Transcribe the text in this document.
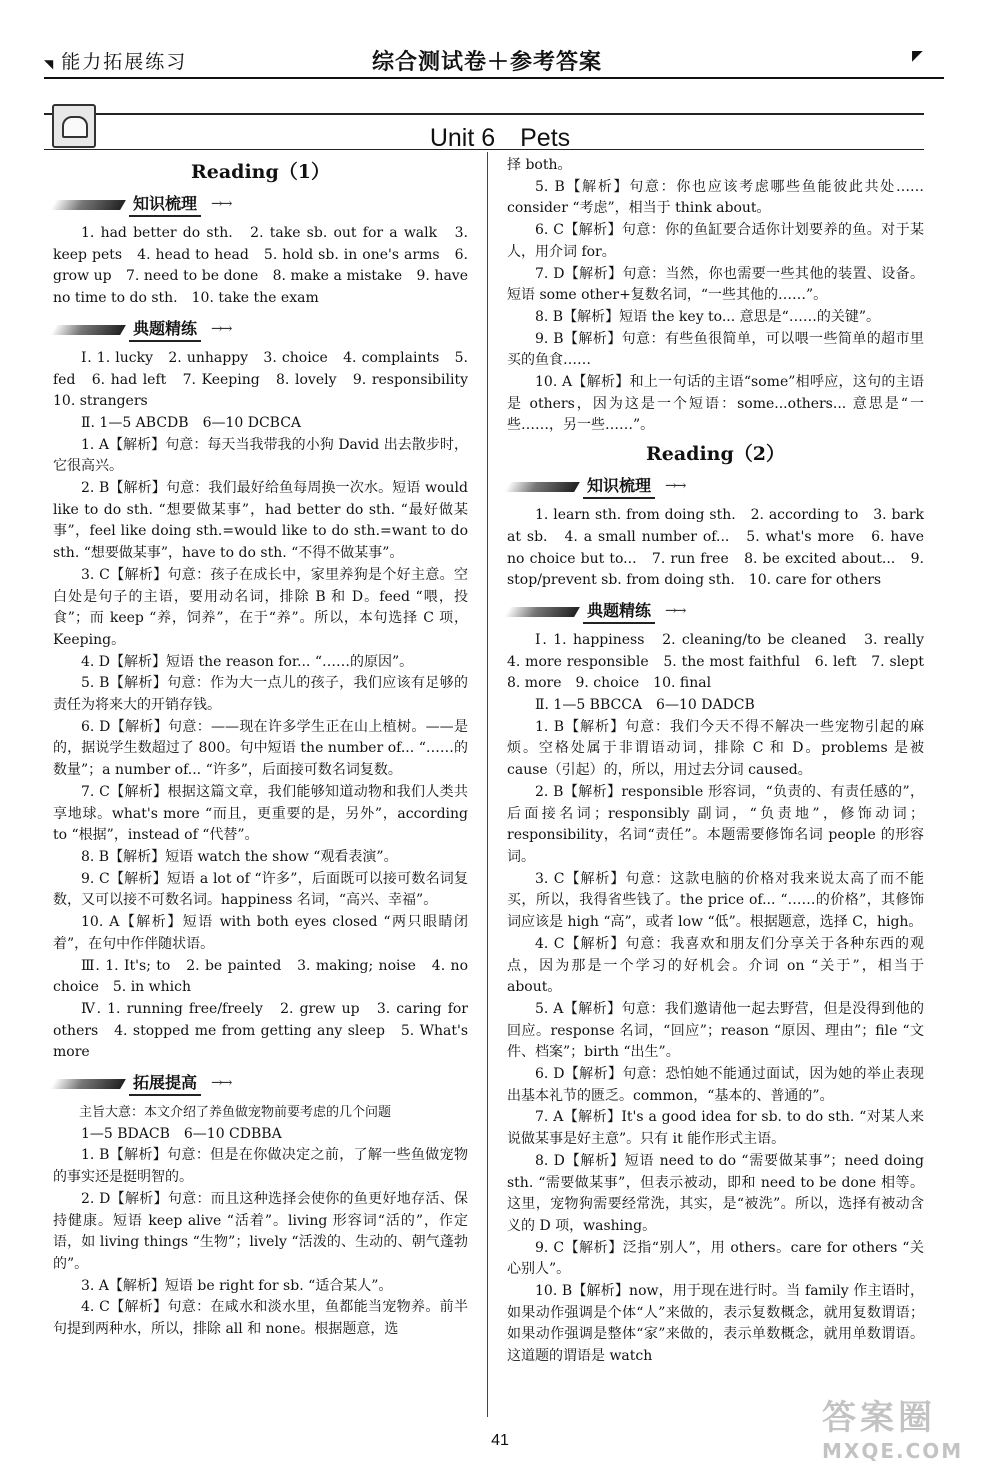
◥ 能力拓展练习	综合测试卷＋参考答案	◤
Unit 6　Pets
Reading（1）
知识梳理 →→

1. had better do sth.　2. take sb. out for a walk　3. keep pets　4. head to head　5. hold sb. in one's arms　6. grow up　7. need to be done　8. make a mistake　9. have no time to do sth.　10. take the exam

典题精练 →→

Ⅰ. 1. lucky　2. unhappy　3. choice　4. complaints　5. fed　6. had left　7. Keeping　8. lovely　9. responsibility　10. strangers

Ⅱ. 1—5 ABCDB　6—10 DCBCA

1. A【解析】句意：每天当我带我的小狗 David 出去散步时，它很高兴。

2. B【解析】句意：我们最好给鱼每周换一次水。短语 would like to do sth. “想要做某事”，had better do sth. “最好做某事”，feel like doing sth.=would like to do sth.=want to do sth. “想要做某事”，have to do sth. “不得不做某事”。

3. C【解析】句意：孩子在成长中，家里养狗是个好主意。空白处是句子的主语，要用动名词，排除 B 和 D。feed “喂，投食”；而 keep “养，饲养”，在于“养”。所以，本句选择 C 项，Keeping。

4. D【解析】短语 the reason for... “……的原因”。

5. B【解析】句意：作为大一点儿的孩子，我们应该有足够的责任为将来大的开销存钱。

6. D【解析】句意：——现在许多学生正在山上植树。——是的，据说学生数超过了 800。句中短语 the number of... “……的数量”；a number of... “许多”，后面接可数名词复数。

7. C【解析】根据这篇文章，我们能够知道动物和我们人类共享地球。what's more “而且，更重要的是，另外”，according to “根据”，instead of “代替”。

8. B【解析】短语 watch the show “观看表演”。

9. C【解析】短语 a lot of “许多”，后面既可以接可数名词复数，又可以接不可数名词。happiness 名词，“高兴、幸福”。

10. A【解析】短语 with both eyes closed “两只眼睛闭着”，在句中作伴随状语。

Ⅲ. 1. It's; to　2. be painted　3. making; noise　4. no choice　5. in which

Ⅳ. 1. running free/freely　2. grew up　3. caring for others　4. stopped me from getting any sleep　5. What's more

拓展提高 →→

主旨大意：本文介绍了养鱼做宠物前要考虑的几个问题

1—5 BDACB　6—10 CDBBA

1. B【解析】句意：但是在你做决定之前，了解一些鱼做宠物的事实还是挺明智的。

2. D【解析】句意：而且这种选择会使你的鱼更好地存活、保持健康。短语 keep alive “活着”。living 形容词“活的”，作定语，如 living things “生物”；lively “活泼的、生动的、朝气蓬勃的”。

3. A【解析】短语 be right for sb. “适合某人”。

4. C【解析】句意：在咸水和淡水里，鱼都能当宠物养。前半句提到两种水，所以，排除 all 和 none。根据题意，选

择 both。

5. B【解析】句意：你也应该考虑哪些鱼能彼此共处…… consider “考虑”，相当于 think about。

6. C【解析】句意：你的鱼缸要合适你计划要养的鱼。对于某人，用介词 for。

7. D【解析】句意：当然，你也需要一些其他的装置、设备。短语 some other+复数名词，“一些其他的……”。

8. B【解析】短语 the key to... 意思是“……的关键”。

9. B【解析】句意：有些鱼很简单，可以喂一些简单的超市里买的鱼食……

10. A【解析】和上一句话的主语“some”相呼应，这句的主语是 others，因为这是一个短语：some...others... 意思是“一些……，另一些……”。

Reading（2）
知识梳理 →→

1. learn sth. from doing sth.　2. according to　3. bark at sb.　4. a small number of...　5. what's more　6. have no choice but to...　7. run free　8. be excited about...　9. stop/prevent sb. from doing sth.　10. care for others

典题精练 →→

Ⅰ. 1. happiness　2. cleaning/to be cleaned　3. really　4. more responsible　5. the most faithful　6. left　7. slept　8. more　9. choice　10. final

Ⅱ. 1—5 BBCCA　6—10 DADCB

1. B【解析】句意：我们今天不得不解决一些宠物引起的麻烦。空格处属于非谓语动词，排除 C 和 D。problems 是被 cause（引起）的，所以，用过去分词 caused。

2. B【解析】responsible 形容词，“负责的、有责任感的”，后面接名词；responsibly 副词，“负责地”，修饰动词；responsibility，名词“责任”。本题需要修饰名词 people 的形容词。

3. C【解析】句意：这款电脑的价格对我来说太高了而不能买，所以，我得省些钱了。the price of... “……的价格”，其修饰词应该是 high “高”，或者 low “低”。根据题意，选择 C，high。

4. C【解析】句意：我喜欢和朋友们分享关于各种东西的观点，因为那是一个学习的好机会。介词 on “关于”，相当于 about。

5. A【解析】句意：我们邀请他一起去野营，但是没得到他的回应。response 名词，“回应”；reason “原因、理由”；file “文件、档案”；birth “出生”。

6. D【解析】句意：恐怕她不能通过面试，因为她的举止表现出基本礼节的匮乏。common，“基本的、普通的”。

7. A【解析】It's a good idea for sb. to do sth. “对某人来说做某事是好主意”。只有 it 能作形式主语。

8. D【解析】短语 need to do “需要做某事”；need doing sth. “需要做某事”，但表示被动，即和 need to be done 相等。这里，宠物狗需要经常洗，其实，是“被洗”。所以，选择有被动含义的 D 项，washing。

9. C【解析】泛指“别人”，用 others。care for others “关心别人”。

10. B【解析】now，用于现在进行时。当 family 作主语时，如果动作强调是个体“人”来做的，表示复数概念，就用复数谓语；如果动作强调是整体“家”来做的，表示单数概念，就用单数谓语。这道题的谓语是 watch

41
答案圈
MXQE.COM
